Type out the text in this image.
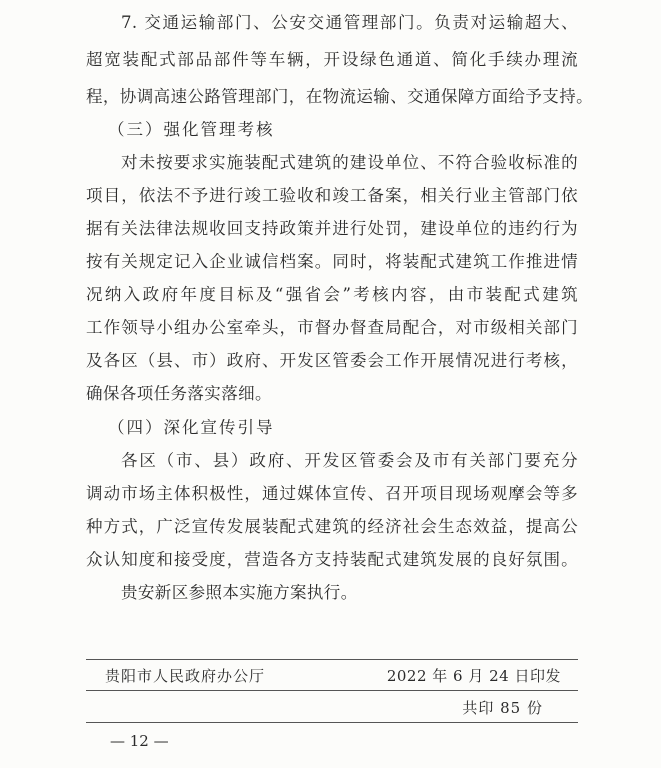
7. 交通运输部门、公安交通管理部门。负责对运输超大、
超宽装配式部品部件等车辆，开设绿色通道、简化手续办理流
程，协调高速公路管理部门，在物流运输、交通保障方面给予支持。
（三）强化管理考核
对未按要求实施装配式建筑的建设单位、不符合验收标准的
项目，依法不予进行竣工验收和竣工备案，相关行业主管部门依
据有关法律法规收回支持政策并进行处罚，建设单位的违约行为
按有关规定记入企业诚信档案。同时，将装配式建筑工作推进情
况纳入政府年度目标及“强省会”考核内容，由市装配式建筑
工作领导小组办公室牵头，市督办督查局配合，对市级相关部门
及各区（县、市）政府、开发区管委会工作开展情况进行考核，
确保各项任务落实落细。
（四）深化宣传引导
各区（市、县）政府、开发区管委会及市有关部门要充分
调动市场主体积极性，通过媒体宣传、召开项目现场观摩会等多
种方式，广泛宣传发展装配式建筑的经济社会生态效益，提高公
众认知度和接受度，营造各方支持装配式建筑发展的良好氛围。
贵安新区参照本实施方案执行。
贵阳市人民政府办公厅	2022 年 6 月 24 日印发
共印 85 份
— 12 —
